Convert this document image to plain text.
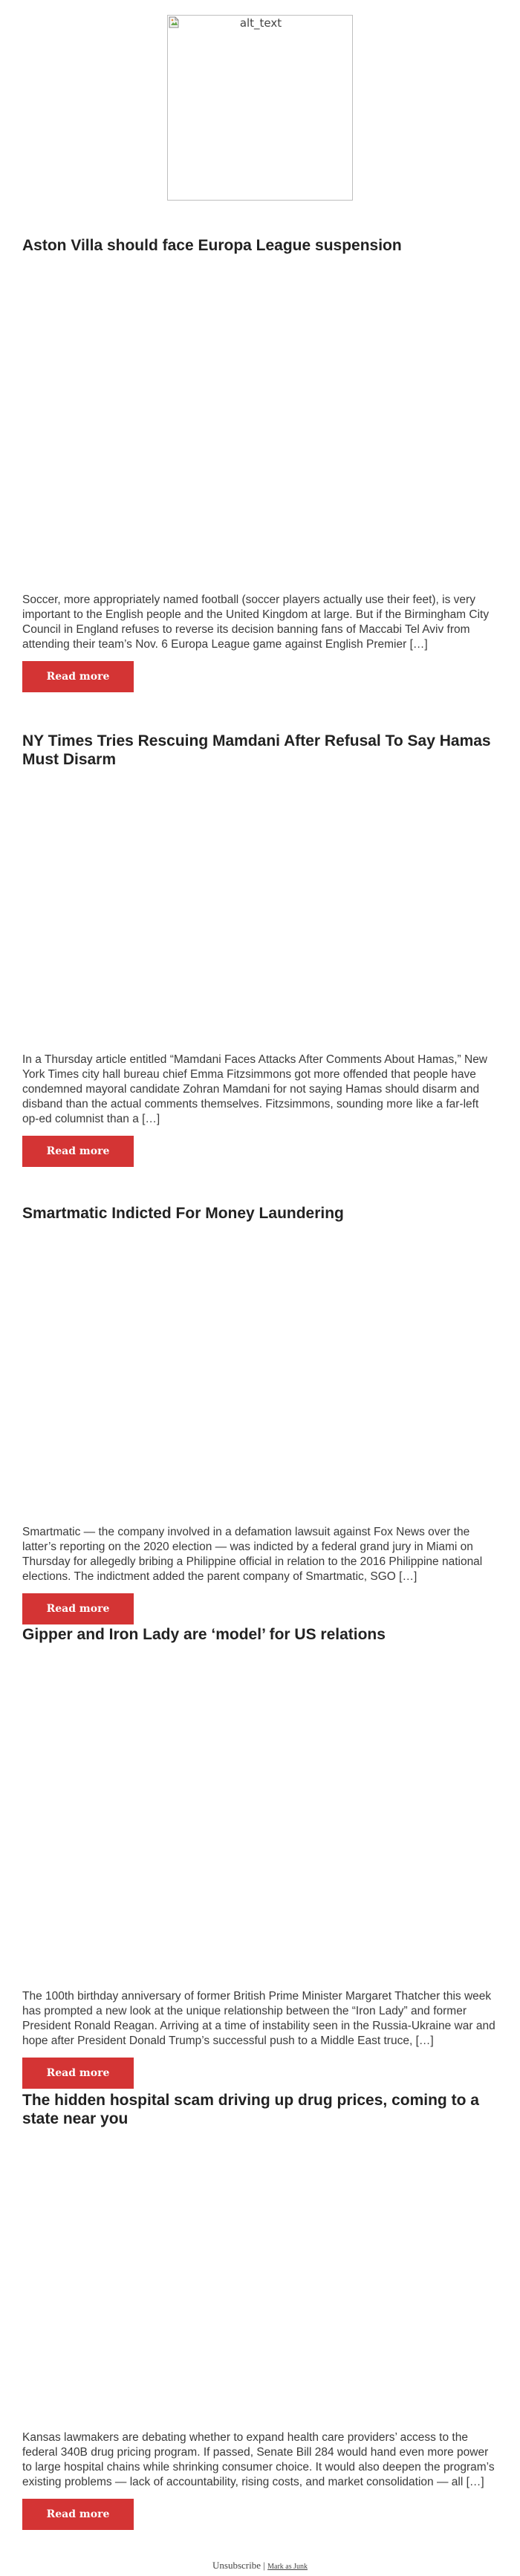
alt_text
Aston Villa should face Europa League suspension

Soccer, more appropriately named football (soccer players actually use their feet), is very important to the English people and the United Kingdom at large. But if the Birmingham City Council in England refuses to reverse its decision banning fans of Maccabi Tel Aviv from attending their team’s Nov. 6 Europa League game against English Premier […]

Read more
NY Times Tries Rescuing Mamdani After Refusal To Say Hamas Must Disarm

In a Thursday article entitled “Mamdani Faces Attacks After Comments About Hamas,” New York Times city hall bureau chief Emma Fitzsimmons got more offended that people have condemned mayoral candidate Zohran Mamdani for not saying Hamas should disarm and disband than the actual comments themselves. Fitzsimmons, sounding more like a far-left op-ed columnist than a […]

Read more
Smartmatic Indicted For Money Laundering

Smartmatic — the company involved in a defamation lawsuit against Fox News over the latter’s reporting on the 2020 election — was indicted by a federal grand jury in Miami on Thursday for allegedly bribing a Philippine official in relation to the 2016 Philippine national elections. The indictment added the parent company of Smartmatic, SGO […]

Read more
Gipper and Iron Lady are ‘model’ for US relations

The 100th birthday anniversary of former British Prime Minister Margaret Thatcher this week has prompted a new look at the unique relationship between the “Iron Lady” and former President Ronald Reagan. Arriving at a time of instability seen in the Russia-Ukraine war and hope after President Donald Trump’s successful push to a Middle East truce, […]

Read more
The hidden hospital scam driving up drug prices, coming to a state near you

Kansas lawmakers are debating whether to expand health care providers’ access to the federal 340B drug pricing program. If passed, Senate Bill 284 would hand even more power to large hospital chains while shrinking consumer choice. It would also deepen the program’s existing problems — lack of accountability, rising costs, and market consolidation — all […]

Read more
Unsubscribe | Mark as Junk
